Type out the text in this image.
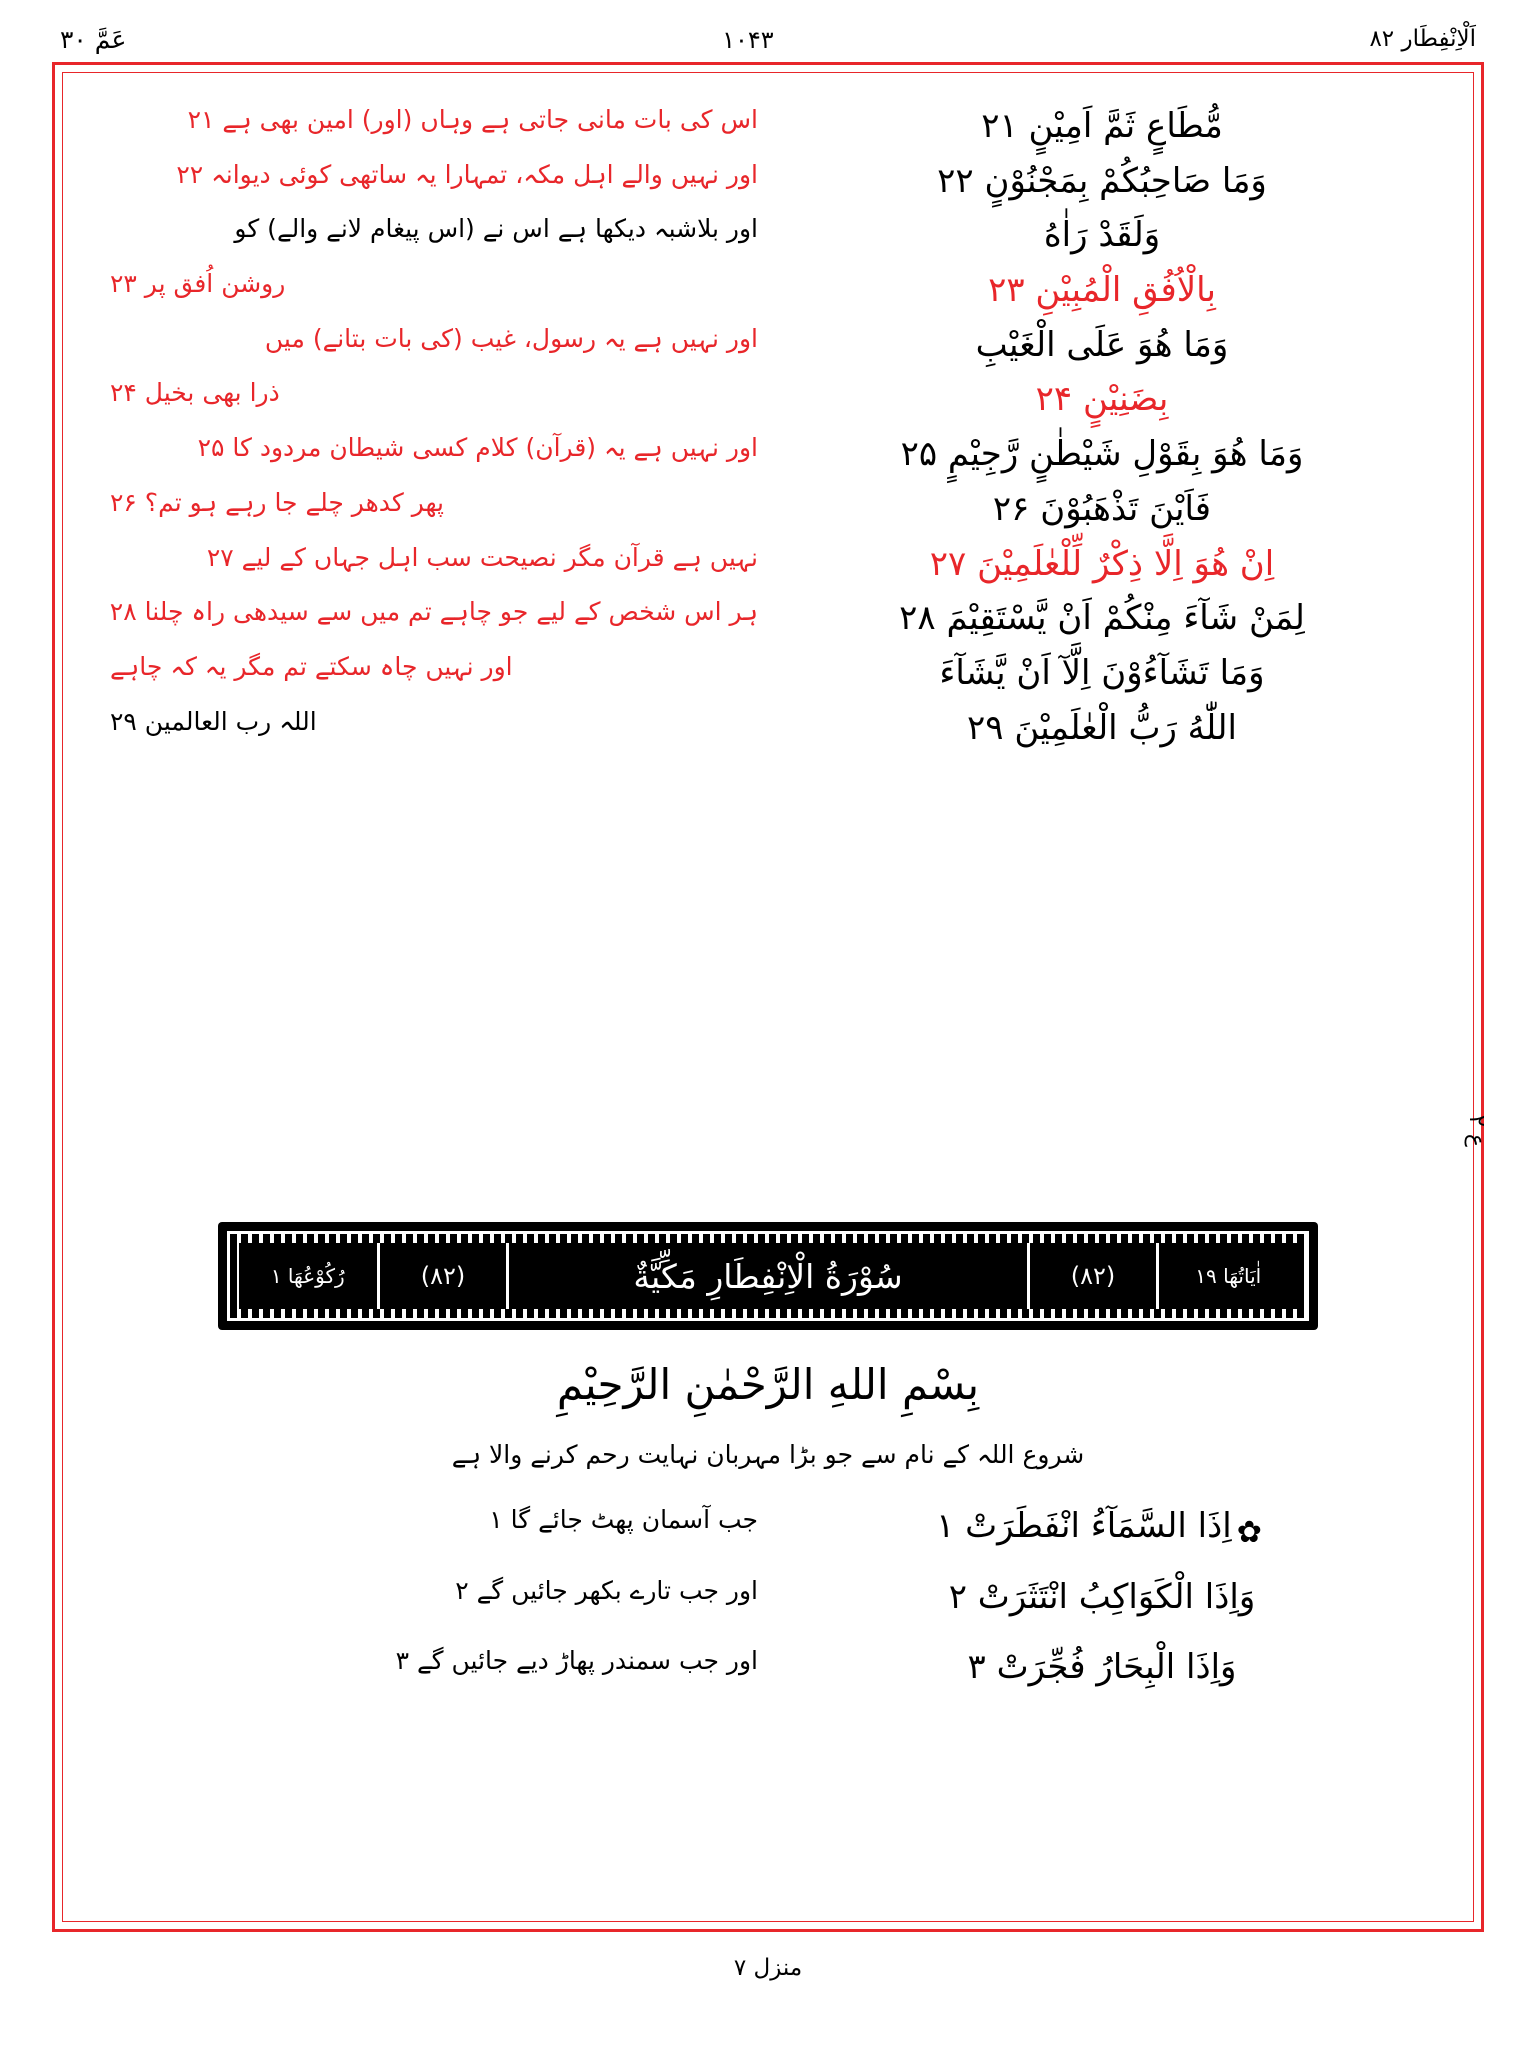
اَلْاِنْفِطَار ۸۲
۱۰۴۳
عَمَّ ۳۰
ع ۲
مُّطَاعٍ ثَمَّ اَمِيْنٍ ۲۱
اس کی بات مانی جاتی ہے وہاں (اور) امین بھی ہے ۲۱
وَمَا صَاحِبُكُمْ بِمَجْنُوْنٍ ۲۲
اور نہیں والے اہل مکہ، تمہارا یہ ساتھی کوئی دیوانہ ۲۲
وَلَقَدْ رَاٰهُ
اور بلاشبہ دیکھا ہے اس نے (اس پیغام لانے والے) کو
بِالْاُفُقِ الْمُبِيْنِ ۲۳
روشن اُفق پر ۲۳
وَمَا هُوَ عَلَى الْغَيْبِ
اور نہیں ہے یہ رسول، غیب (کی بات بتانے) میں
بِضَنِيْنٍ ۲۴
ذرا بھی بخیل ۲۴
وَمَا هُوَ بِقَوْلِ شَيْطٰنٍ رَّجِيْمٍ ۲۵
اور نہیں ہے یہ (قرآن) کلام کسی شیطان مردود کا ۲۵
فَاَيْنَ تَذْهَبُوْنَ ۲۶
پھر کدھر چلے جا رہے ہو تم؟ ۲۶
اِنْ هُوَ اِلَّا ذِكْرٌ لِّلْعٰلَمِيْنَ ۲۷
نہیں ہے قرآن مگر نصیحت سب اہل جہاں کے لیے ۲۷
لِمَنْ شَآءَ مِنْكُمْ اَنْ يَّسْتَقِيْمَ ۲۸
ہر اس شخص کے لیے جو چاہے تم میں سے سیدھی راہ چلنا ۲۸
وَمَا تَشَآءُوْنَ اِلَّآ اَنْ يَّشَآءَ
اور نہیں چاہ سکتے تم مگر یہ کہ چاہے
اللّٰهُ رَبُّ الْعٰلَمِيْنَ ۲۹
اللہ رب العالمین ۲۹
اٰيَاتُهَا ۱۹
(۸۲)
سُوْرَةُ الْاِنْفِطَارِ مَكِّيَّةٌ
(۸۲)
رُكُوْعُهَا ۱
بِسْمِ اللهِ الرَّحْمٰنِ الرَّحِيْمِ
شروع اللہ کے نام سے جو بڑا مہربان نہایت رحم کرنے والا ہے
✿ اِذَا السَّمَآءُ انْفَطَرَتْ ۱
جب آسمان پھٹ جائے گا ۱
وَاِذَا الْكَوَاكِبُ انْتَثَرَتْ ۲
اور جب تارے بکھر جائیں گے ۲
وَاِذَا الْبِحَارُ فُجِّرَتْ ۳
اور جب سمندر پھاڑ دیے جائیں گے ۳
منزل ۷
